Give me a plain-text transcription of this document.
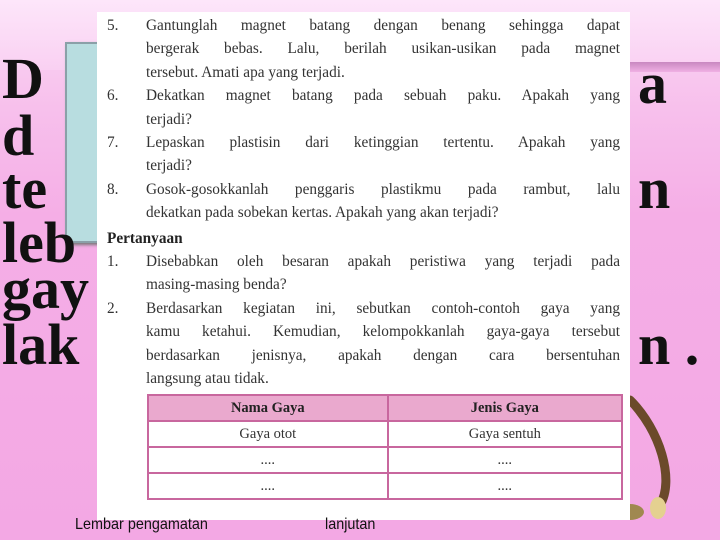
D
d
te
leb
gay
lak
a
n
n .
5. Gantunglah magnet batang dengan benang sehingga dapat
bergerak bebas. Lalu, berilah usikan-usikan pada magnet
tersebut. Amati apa yang terjadi.
6. Dekatkan magnet batang pada sebuah paku. Apakah yang
terjadi?
7. Lepaskan plastisin dari ketinggian tertentu. Apakah yang
terjadi?
8. Gosok-gosokkanlah penggaris plastikmu pada rambut, lalu
dekatkan pada sobekan kertas. Apakah yang akan terjadi?
Pertanyaan
1. Disebabkan oleh besaran apakah peristiwa yang terjadi pada
masing-masing benda?
2. Berdasarkan kegiatan ini, sebutkan contoh-contoh gaya yang
kamu ketahui. Kemudian, kelompokkanlah gaya-gaya tersebut
berdasarkan jenisnya, apakah dengan cara bersentuhan
langsung atau tidak.
Nama Gaya	Jenis Gaya
Gaya otot	Gaya sentuh
....	....
....	....
Lembar pengamatan	lanjutan
